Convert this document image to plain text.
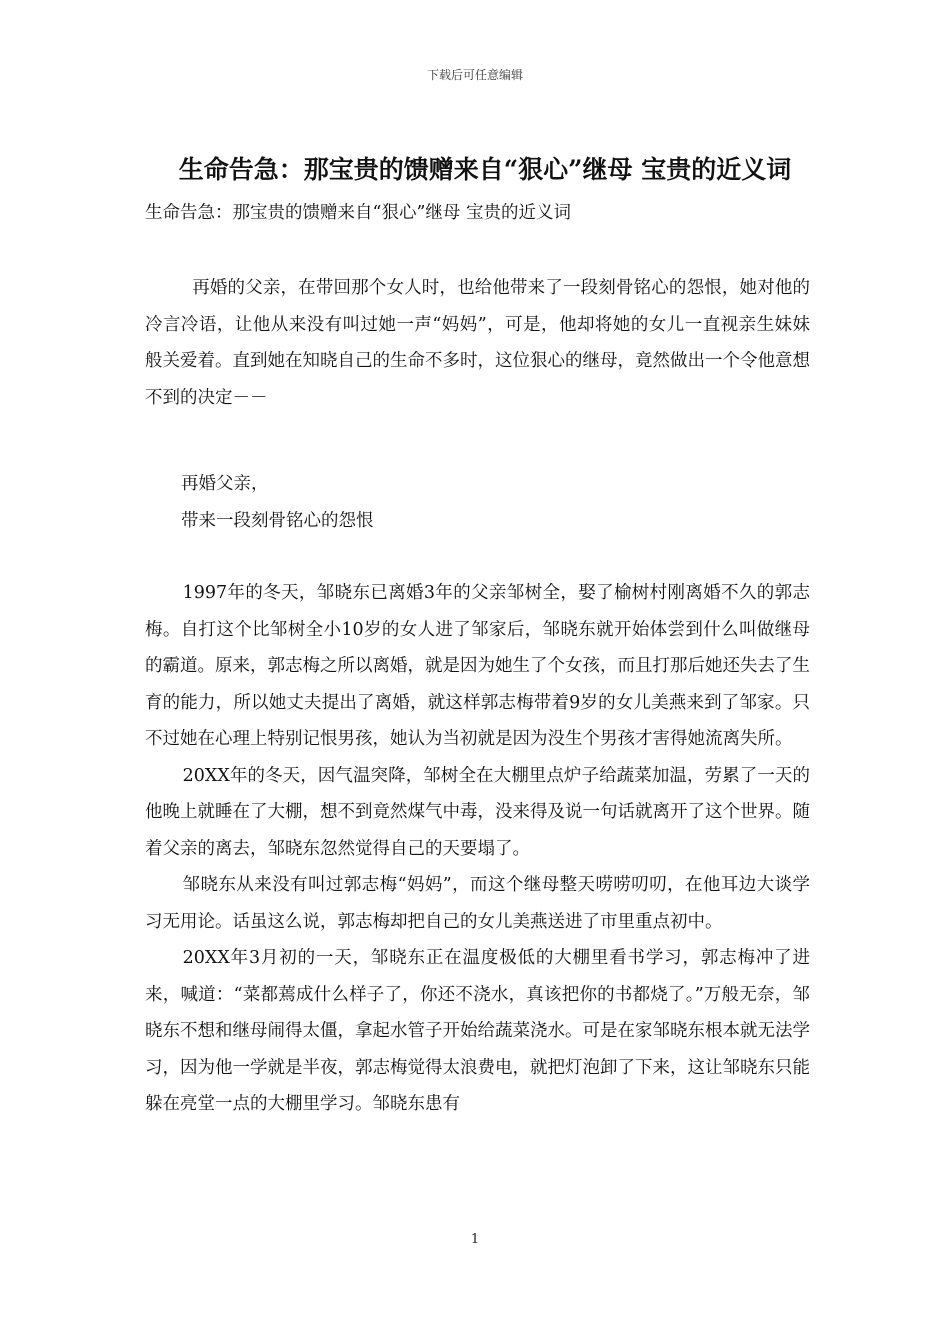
下载后可任意编辑
生命告急：那宝贵的馈赠来自“狠心”继母 宝贵的近义词
生命告急：那宝贵的馈赠来自“狠心”继母 宝贵的近义词

再婚的父亲，在带回那个女人时，也给他带来了一段刻骨铭心的怨恨，她对他的冷言冷语，让他从来没有叫过她一声“妈妈”，可是，他却将她的女儿一直视亲生妹妹般关爱着。直到她在知晓自己的生命不多时，这位狠心的继母，竟然做出一个令他意想不到的决定－－

再婚父亲，

带来一段刻骨铭心的怨恨

1997年的冬天，邹晓东已离婚3年的父亲邹树全，娶了榆树村刚离婚不久的郭志梅。自打这个比邹树全小10岁的女人进了邹家后，邹晓东就开始体尝到什么叫做继母的霸道。原来，郭志梅之所以离婚，就是因为她生了个女孩，而且打那后她还失去了生育的能力，所以她丈夫提出了离婚，就这样郭志梅带着9岁的女儿美燕来到了邹家。只不过她在心理上特别记恨男孩，她认为当初就是因为没生个男孩才害得她流离失所。

20XX年的冬天，因气温突降，邹树全在大棚里点炉子给蔬菜加温，劳累了一天的他晚上就睡在了大棚，想不到竟然煤气中毒，没来得及说一句话就离开了这个世界。随着父亲的离去，邹晓东忽然觉得自己的天要塌了。

邹晓东从来没有叫过郭志梅“妈妈”，而这个继母整天唠唠叨叨，在他耳边大谈学习无用论。话虽这么说，郭志梅却把自己的女儿美燕送进了市里重点初中。

20XX年3月初的一天，邹晓东正在温度极低的大棚里看书学习，郭志梅冲了进来，喊道：“菜都蔫成什么样子了，你还不浇水，真该把你的书都烧了。”万般无奈，邹晓东不想和继母闹得太僵，拿起水管子开始给蔬菜浇水。可是在家邹晓东根本就无法学习，因为他一学就是半夜，郭志梅觉得太浪费电，就把灯泡卸了下来，这让邹晓东只能躲在亮堂一点的大棚里学习。邹晓东患有

1
